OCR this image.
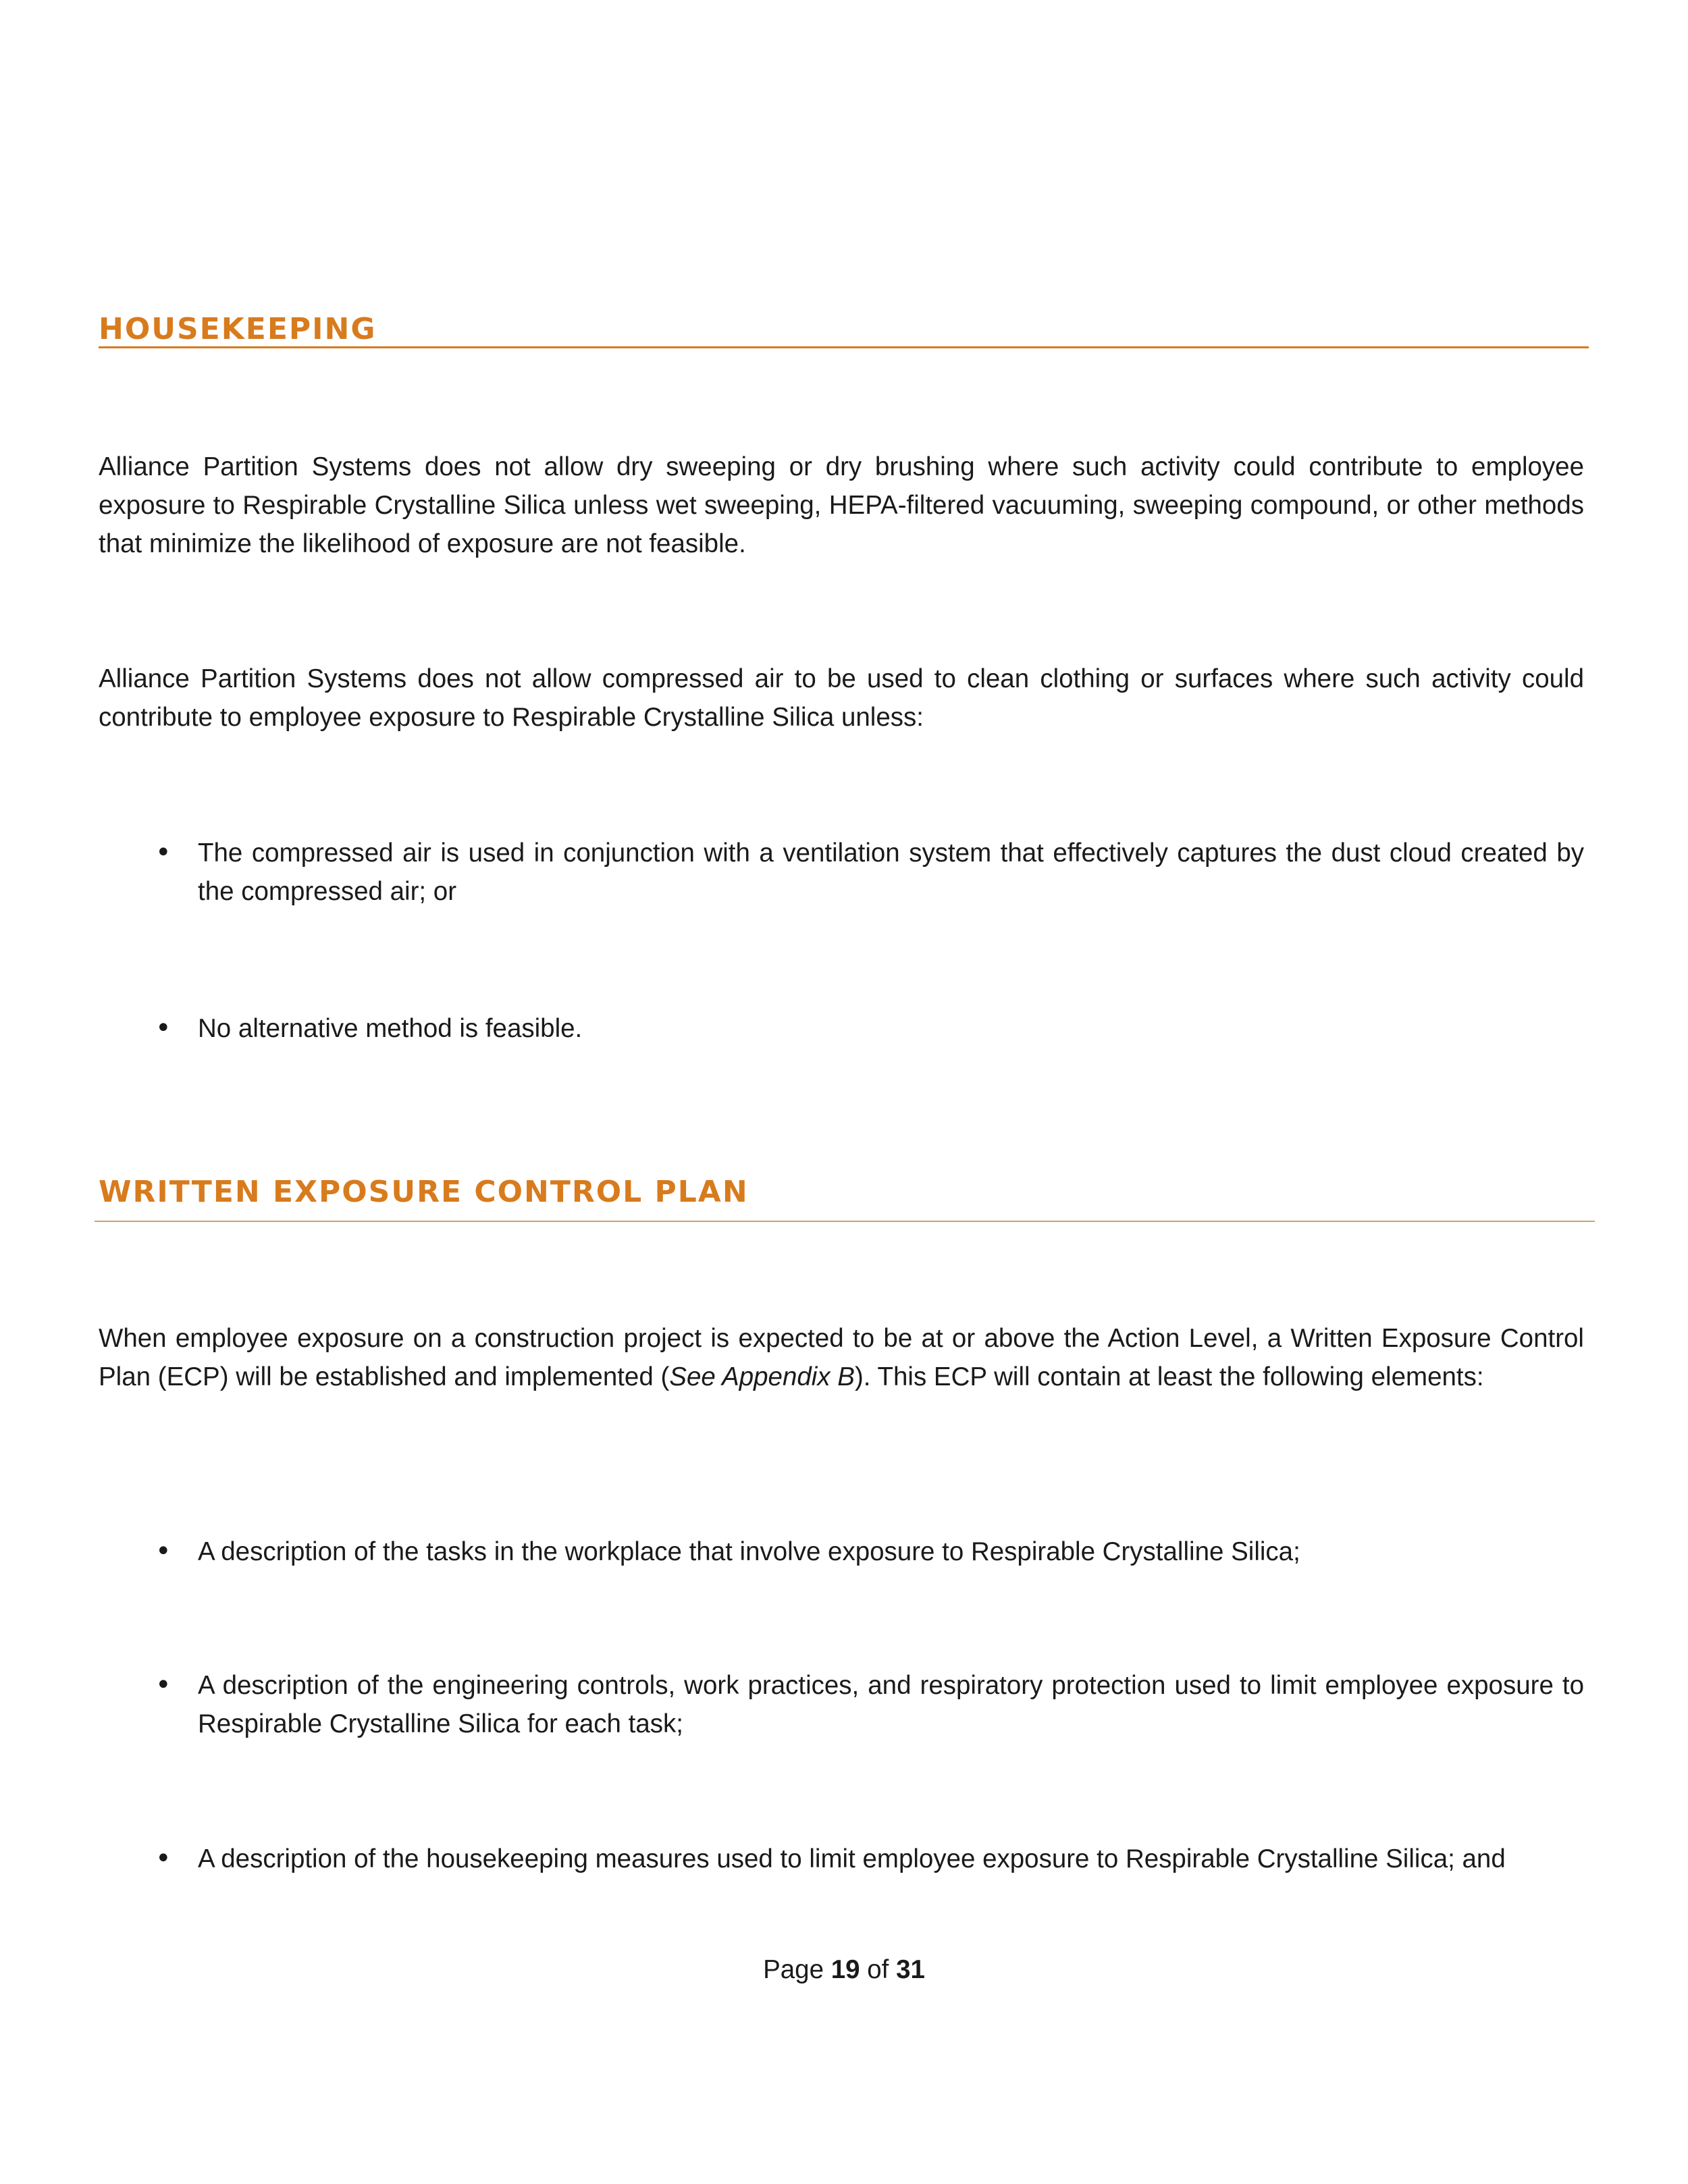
HOUSEKEEPING
Alliance Partition Systems does not allow dry sweeping or dry brushing where such activity could contribute to employee exposure to Respirable Crystalline Silica unless wet sweeping, HEPA-filtered vacuuming, sweeping compound, or other methods that minimize the likelihood of exposure are not feasible.
Alliance Partition Systems does not allow compressed air to be used to clean clothing or surfaces where such activity could contribute to employee exposure to Respirable Crystalline Silica unless:
• The compressed air is used in conjunction with a ventilation system that effectively captures the dust cloud created by the compressed air; or
• No alternative method is feasible.
WRITTEN EXPOSURE CONTROL PLAN
When employee exposure on a construction project is expected to be at or above the Action Level, a Written Exposure Control Plan (ECP) will be established and implemented (See Appendix B). This ECP will contain at least the following elements:
• A description of the tasks in the workplace that involve exposure to Respirable Crystalline Silica;
• A description of the engineering controls, work practices, and respiratory protection used to limit employee exposure to Respirable Crystalline Silica for each task;
• A description of the housekeeping measures used to limit employee exposure to Respirable Crystalline Silica; and
Page 19 of 31
